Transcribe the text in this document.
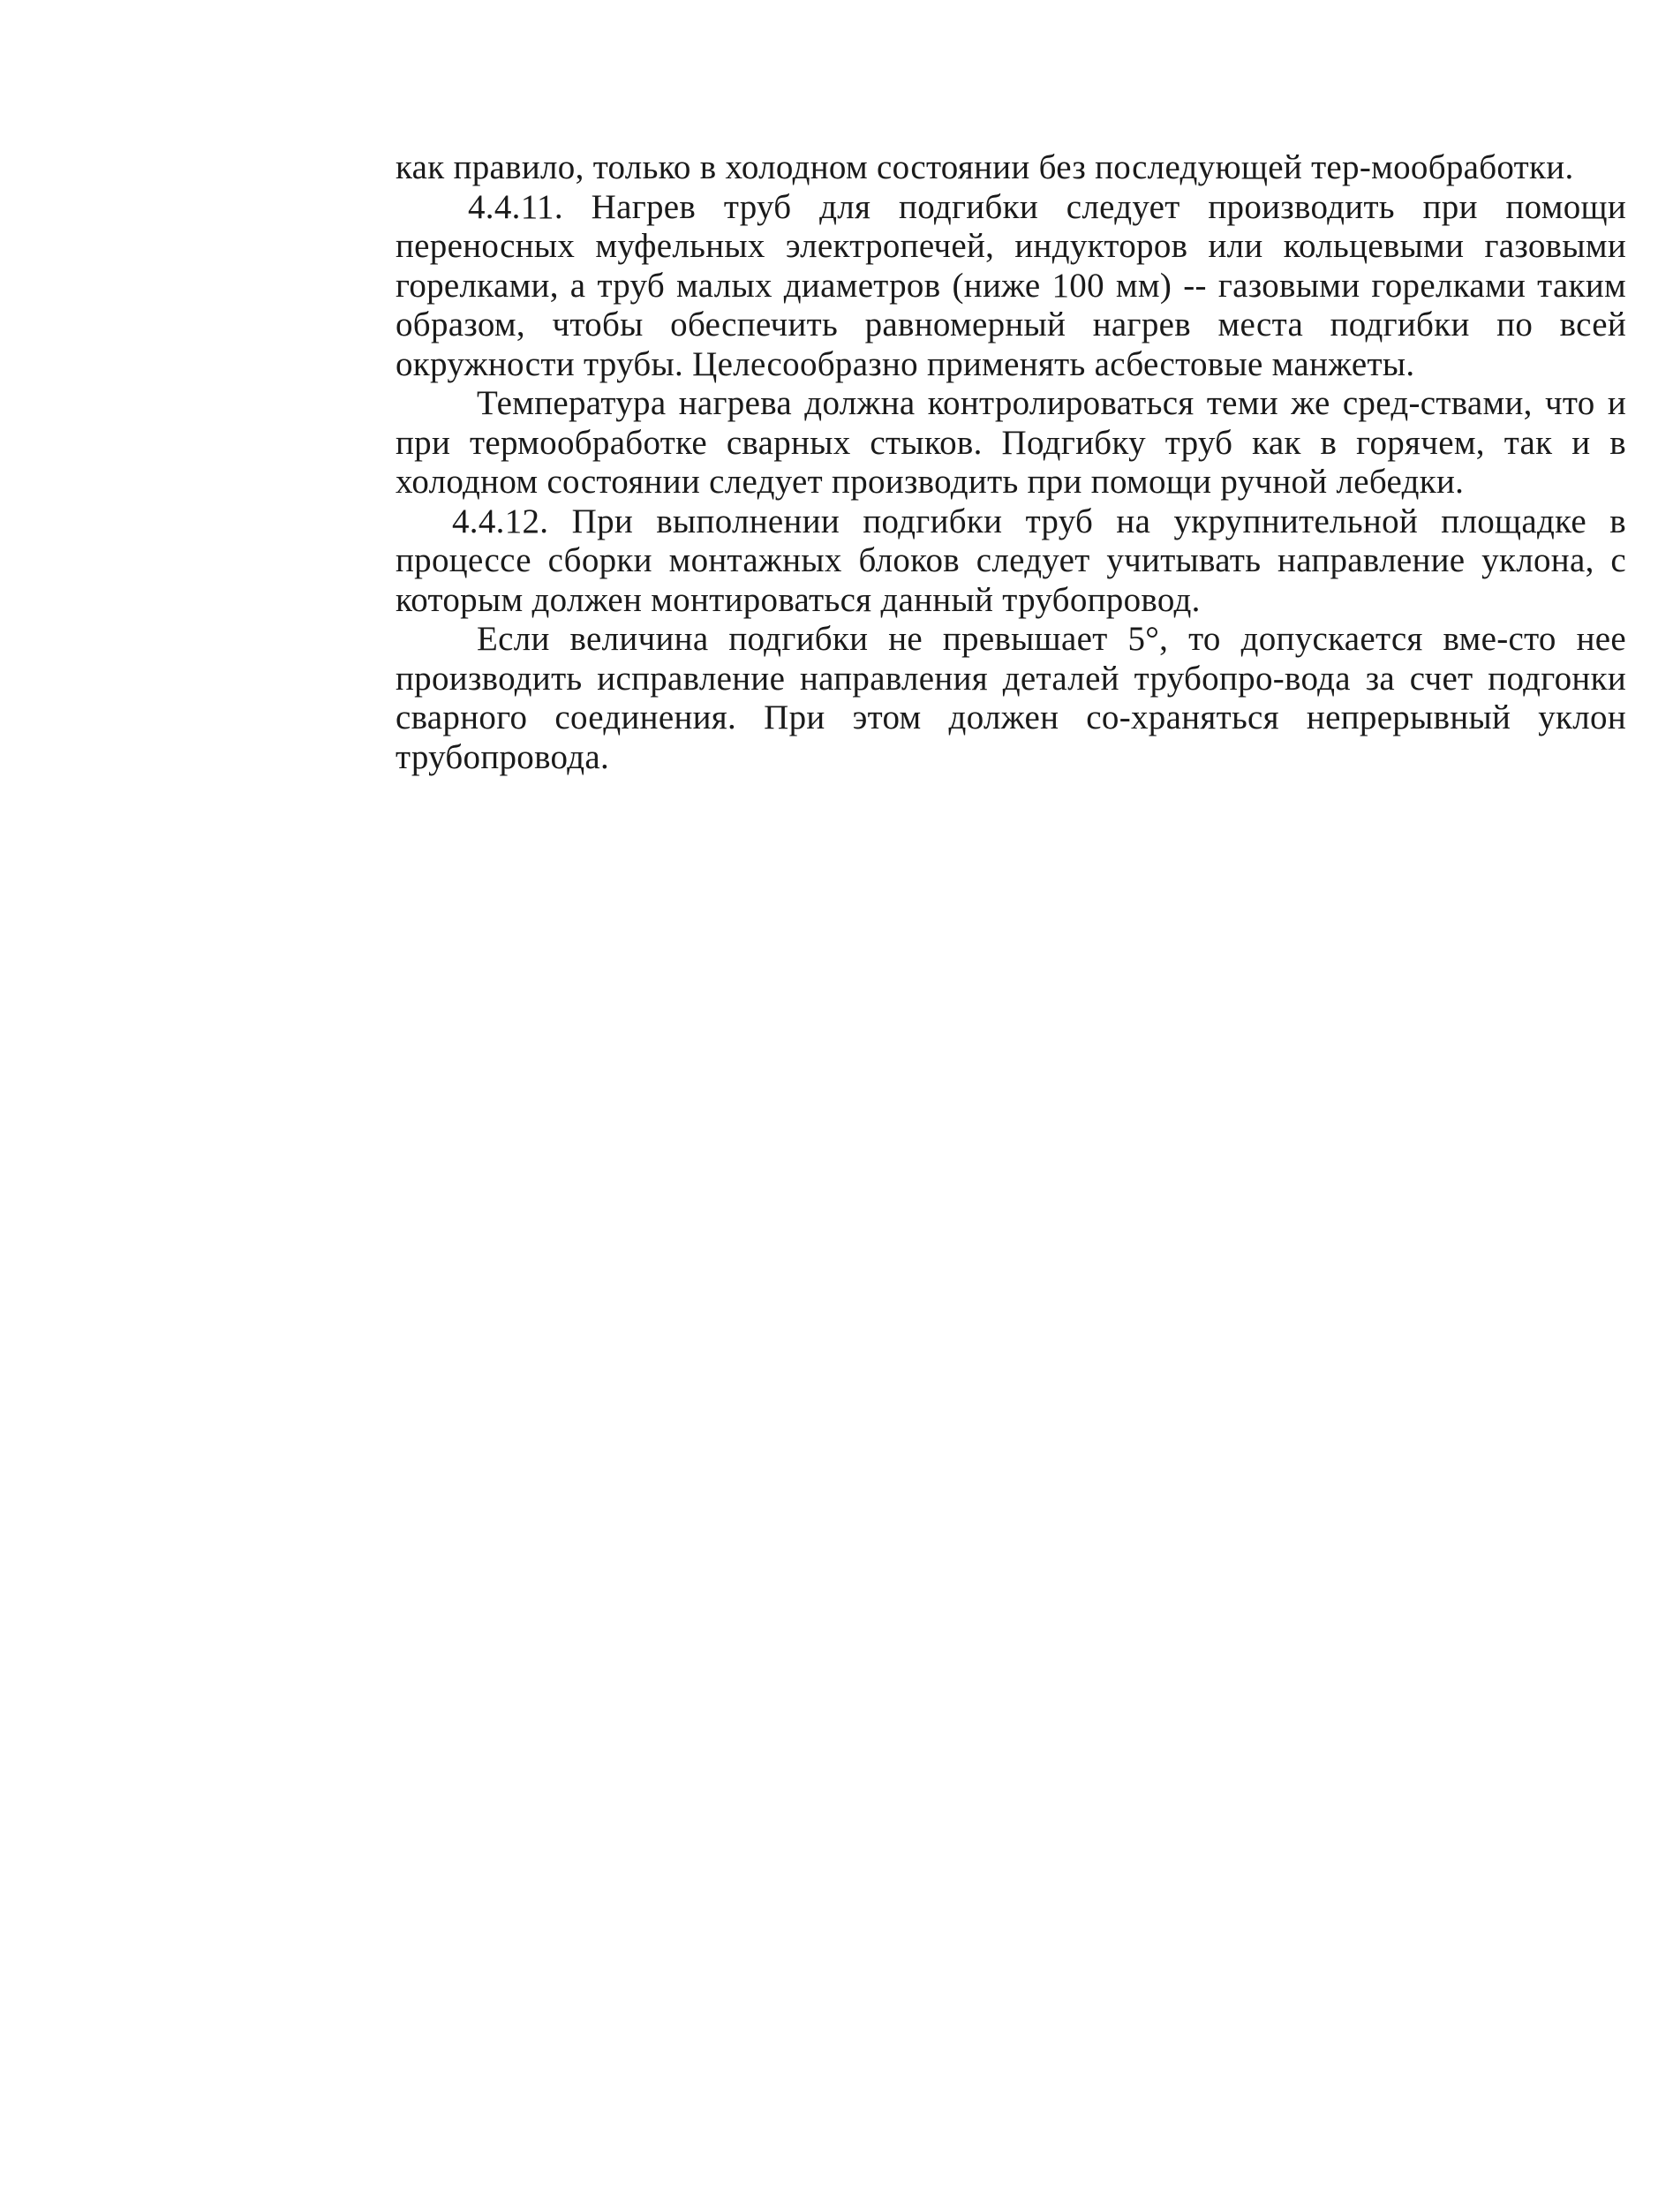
как правило, только в холодном состоянии без последующей тер-мообработки.

4.4.11. Нагрев труб для подгибки следует производить при помощи переносных муфельных электропечей, индукторов или кольцевыми газовыми горелками, а труб малых диаметров (ниже 100 мм) -- газовыми горелками таким образом, чтобы обеспечить равномерный нагрев места подгибки по всей окружности трубы. Целесообразно применять асбестовые манжеты.

Температура нагрева должна контролироваться теми же сред-ствами, что и при термообработке сварных стыков. Подгибку труб как в горячем, так и в холодном состоянии следует производить при помощи ручной лебедки.

4.4.12. При выполнении подгибки труб на укрупнительной площадке в процессе сборки монтажных блоков следует учитывать направление уклона, с которым должен монтироваться данный трубопровод.

Если величина подгибки не превышает 5°, то допускается вме-сто нее производить исправление направления деталей трубопро-вода за счет подгонки сварного соединения. При этом должен со-храняться непрерывный уклон трубопровода.
